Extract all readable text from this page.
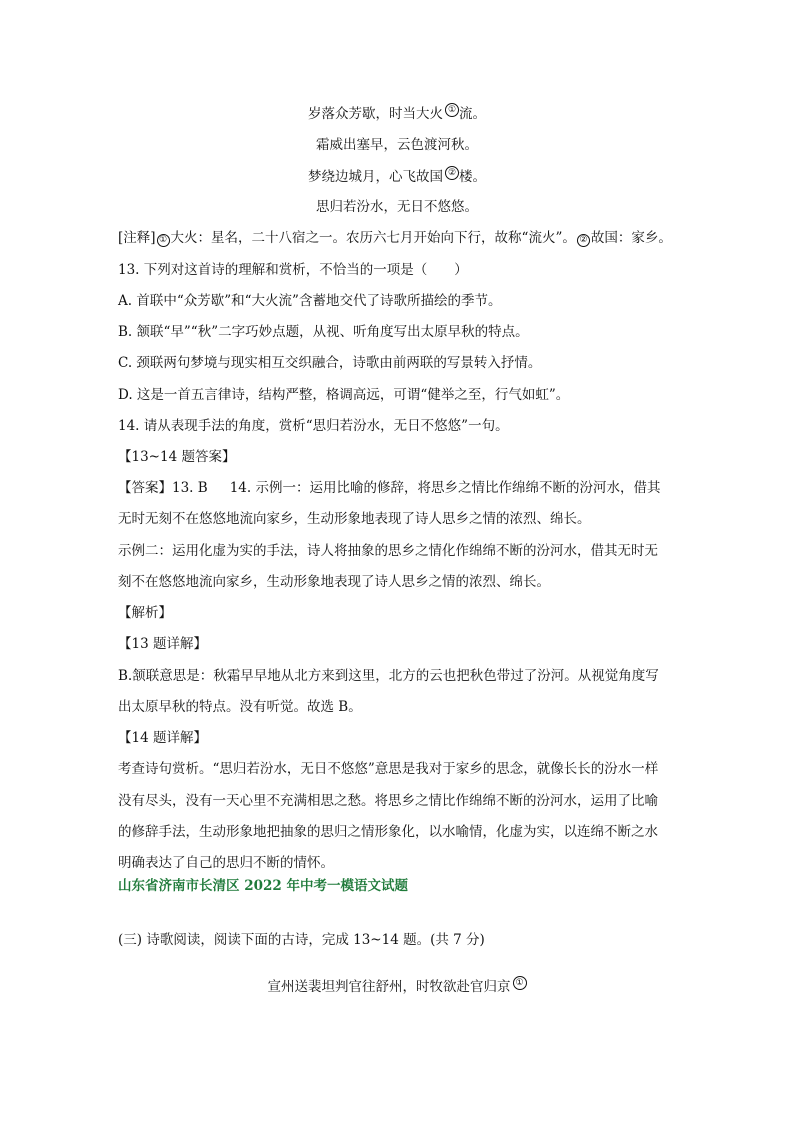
岁落众芳歇，时当大火 ① 流。
霜威出塞早，云色渡河秋。
梦绕边城月，心飞故国 ② 楼。
思归若汾水，无日不悠悠。
[注释] ① 大火：星名，二十八宿之一。农历六七月开始向下行，故称“流火”。 ② 故国：家乡。
13. 下列对这首诗的理解和赏析，不恰当的一项是（　　）
A. 首联中“众芳歇”和“大火流”含蓄地交代了诗歌所描绘的季节。
B. 颔联“早”“秋”二字巧妙点题，从视、听角度写出太原早秋的特点。
C. 颈联两句梦境与现实相互交织融合，诗歌由前两联的写景转入抒情。
D. 这是一首五言律诗，结构严整，格调高远，可谓“健举之至，行气如虹”。
14. 请从表现手法的角度，赏析“思归若汾水，无日不悠悠”一句。
【13~14 题答案】
【答案】13. B 14. 示例一：运用比喻的修辞，将思乡之情比作绵绵不断的汾河水，借其
无时无刻不在悠悠地流向家乡，生动形象地表现了诗人思乡之情的浓烈、绵长。
示例二：运用化虚为实的手法，诗人将抽象的思乡之情化作绵绵不断的汾河水，借其无时无
刻不在悠悠地流向家乡，生动形象地表现了诗人思乡之情的浓烈、绵长。
【解析】
【13 题详解】
B.颔联意思是：秋霜早早地从北方来到这里，北方的云也把秋色带过了汾河。从视觉角度写
出太原早秋的特点。没有听觉。故选 B。
【14 题详解】
考查诗句赏析。“思归若汾水，无日不悠悠”意思是我对于家乡的思念，就像长长的汾水一样
没有尽头，没有一天心里不充满相思之愁。将思乡之情比作绵绵不断的汾河水，运用了比喻
的修辞手法，生动形象地把抽象的思归之情形象化，以水喻情，化虚为实，以连绵不断之水
明确表达了自己的思归不断的情怀。
山东省济南市长清区 2022 年中考一模语文试题
(三) 诗歌阅读，阅读下面的古诗，完成 13~14 题。(共 7 分)
宣州送裴坦判官往舒州，时牧欲赴官归京 ①
